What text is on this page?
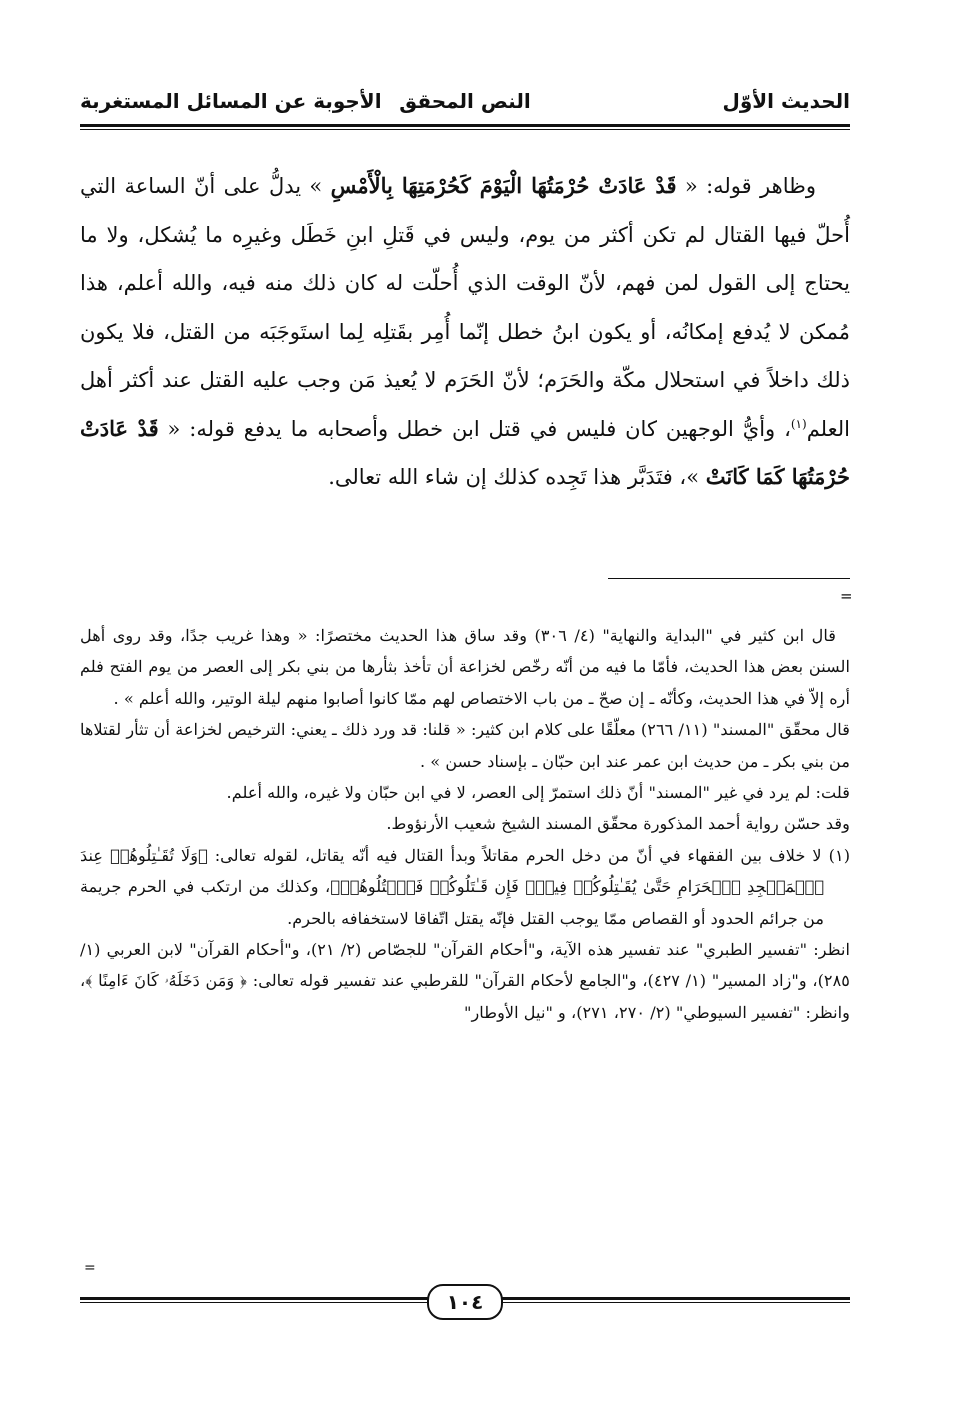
الحديث الأوّل
النص المحقق
الأجوبة عن المسائل المستغربة

وظاهر قوله: « قَدْ عَادَتْ حُرْمَتُهَا الْيَوْمَ كَحُرْمَتِهَا بِالْأَمْسِ » يدلُّ على أنّ الساعة التي أُحلّ فيها القتال لم تكن أكثر من يوم، وليس في قَتلِ ابنِ خَطَل وغيرِه ما يُشكل، ولا ما يحتاج إلى القول لمن فهم، لأنّ الوقت الذي أُحلّت له كان ذلك منه فيه، والله أعلم، هذا مُمكن لا يُدفع إمكانُه، أو يكون ابنُ خطل إنّما أُمِر بقَتلِه لِما استَوجَبَه من القتل، فلا يكون ذلك داخلاً في استحلال مكّة والحَرَم؛ لأنّ الحَرَم لا يُعيذ مَن وجب عليه القتل عند أكثر أهل العلم$^{(١)}$، وأيُّ الوجهين كان فليس في قتل ابن خطل وأصحابه ما يدفع قوله: « قَدْ عَادَتْ حُرْمَتُهَا كَمَا كَانَتْ »، فتَدَبَّر هذا تَجِده كذلك إن شاء الله تعالى.

=

قال ابن كثير في "البداية والنهاية" (٤/ ٣٠٦) وقد ساق هذا الحديث مختصرًا: « وهذا غريب جدًا، وقد روى أهل السنن بعض هذا الحديث، فأمّا ما فيه من أنّه رخّص لخزاعة أن تأخذ بثأرها من بني بكر إلى العصر من يوم الفتح فلم أره إلاّ في هذا الحديث، وكأنّه ـ إن صحّ ـ من باب الاختصاص لهم ممّا كانوا أصابوا منهم ليلة الوتير، والله أعلم » .

قال محقّق "المسند" (١١/ ٢٦٦) معلّقًا على كلام ابن كثير: « قلنا: قد ورد ذلك ـ يعني: الترخيص لخزاعة أن تثأر لقتلاها من بني بكر ـ من حديث ابن عمر عند ابن حبّان ـ بإسناد حسن » .

قلت: لم يرد في غير "المسند" أنّ ذلك استمرّ إلى العصر، لا في ابن حبّان ولا غيره، والله أعلم.

وقد حسّن رواية أحمد المذكورة محقّق المسند الشيخ شعيب الأرنؤوط.

(١) لا خلاف بين الفقهاء في أنّ من دخل الحرم مقاتلاً وبدأ القتال فيه أنّه يقاتل، لقوله تعالى: ﴿وَلَا تُقَـٰتِلُوهُمۡ عِندَ ٱلۡمَسۡجِدِ ٱلۡحَرَامِ حَتَّىٰ يُقَـٰتِلُوكُمۡ فِيهِۖ فَإِن قَـٰتَلُوكُمۡ فَٱقۡتُلُوهُمۡ﴾، وكذلك من ارتكب في الحرم جريمة من جرائم الحدود أو القصاص ممّا يوجب القتل فإنّه يقتل اتّفاقا لاستخفافه بالحرم.

انظر: "تفسير الطبري" عند تفسير هذه الآية، و"أحكام القرآن" للجصّاص (٢/ ٢١)، و"أحكام القرآن" لابن العربي (١/ ٢٨٥)، و"زاد المسير" (١/ ٤٢٧)، و"الجامع لأحكام القرآن" للقرطبي عند تفسير قوله تعالى: ﴿ وَمَن دَخَلَهُۥ كَانَ ءَامِنًا ﴾، وانظر: "تفسير السيوطي" (٢/ ٢٧٠، ٢٧١)، و "نيل الأوطار"

=
١٠٤
